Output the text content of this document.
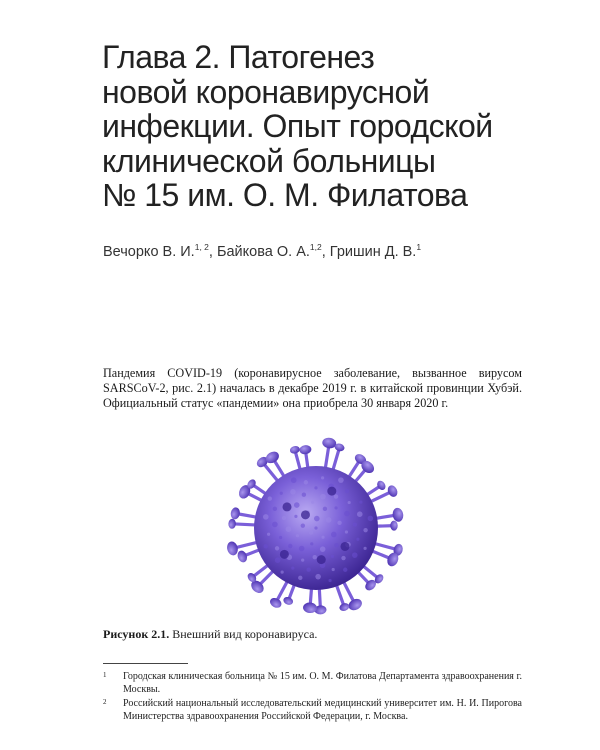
Глава 2. Патогенез
новой коронавирусной
инфекции. Опыт городской
клинической больницы
№ 15 им. О. М. Филатова
Вечорко В. И.$^{1, 2}$, Байкова О. А.$^{1,2}$, Гришин Д. В.$^1$

Пандемия COVID-19 (коронавирусное заболевание, вызванное вирусом SARSCoV-2, рис. 2.1) началась в декабре 2019 г. в китайской провинции Хубэй. Официальный статус «пандемии» она приобрела 30 января 2020 г.

Рисунок 2.1. Внешний вид коронавируса.
1 Городская клиническая больница № 15 им. О. М. Филатова Департамента здравоохранения г. Москвы.
2 Российский национальный исследовательский медицинский университет им. Н. И. Пирогова Министерства здравоохранения Российской Федерации, г. Москва.
